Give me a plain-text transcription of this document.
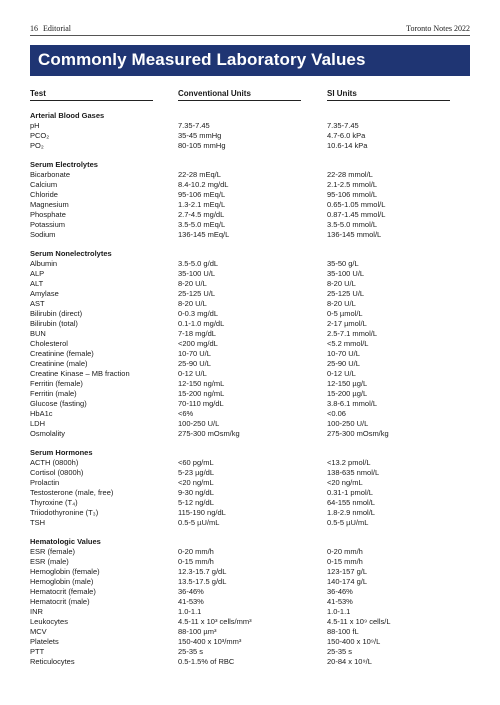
16 Editorial	Toronto Notes 2022
Commonly Measured Laboratory Values
Test	Conventional Units	SI Units
Arterial Blood Gases
pH	7.35-7.45	7.35-7.45
PCO₂	35-45 mmHg	4.7-6.0 kPa
PO₂	80-105 mmHg	10.6-14 kPa
Serum Electrolytes
Bicarbonate	22-28 mEq/L	22-28 mmol/L
Calcium	8.4-10.2 mg/dL	2.1-2.5 mmol/L
Chloride	95-106 mEq/L	95-106 mmol/L
Magnesium	1.3-2.1 mEq/L	0.65-1.05 mmol/L
Phosphate	2.7-4.5 mg/dL	0.87-1.45 mmol/L
Potassium	3.5-5.0 mEq/L	3.5-5.0 mmol/L
Sodium	136-145 mEq/L	136-145 mmol/L
Serum Nonelectrolytes
Albumin	3.5-5.0 g/dL	35-50 g/L
ALP	35-100 U/L	35-100 U/L
ALT	8-20 U/L	8-20 U/L
Amylase	25-125 U/L	25-125 U/L
AST	8-20 U/L	8-20 U/L
Bilirubin (direct)	0-0.3 mg/dL	0-5 µmol/L
Bilirubin (total)	0.1-1.0 mg/dL	2-17 µmol/L
BUN	7-18 mg/dL	2.5-7.1 mmol/L
Cholesterol	<200 mg/dL	<5.2 mmol/L
Creatinine (female)	10-70 U/L	10-70 U/L
Creatinine (male)	25-90 U/L	25-90 U/L
Creatine Kinase – MB fraction	0-12 U/L	0-12 U/L
Ferritin (female)	12-150 ng/mL	12-150 µg/L
Ferritin (male)	15-200 ng/mL	15-200 µg/L
Glucose (fasting)	70-110 mg/dL	3.8-6.1 mmol/L
HbA1c	<6%	<0.06
LDH	100-250 U/L	100-250 U/L
Osmolality	275-300 mOsm/kg	275-300 mOsm/kg
Serum Hormones
ACTH (0800h)	<60 pg/mL	<13.2 pmol/L
Cortisol (0800h)	5-23 µg/dL	138-635 nmol/L
Prolactin	<20 ng/mL	<20 ng/mL
Testosterone (male, free)	9-30 ng/dL	0.31-1 pmol/L
Thyroxine (T₄)	5-12 ng/dL	64-155 nmol/L
Triiodothyronine (T₃)	115-190 ng/dL	1.8-2.9 nmol/L
TSH	0.5-5 µU/mL	0.5-5 µU/mL
Hematologic Values
ESR (female)	0-20 mm/h	0-20 mm/h
ESR (male)	0-15 mm/h	0-15 mm/h
Hemoglobin (female)	12.3-15.7 g/dL	123-157 g/L
Hemoglobin (male)	13.5-17.5 g/dL	140-174 g/L
Hematocrit (female)	36-46%	36-46%
Hematocrit (male)	41-53%	41-53%
INR	1.0-1.1	1.0-1.1
Leukocytes	4.5-11 x 10³ cells/mm³	4.5-11 x 10⁹ cells/L
MCV	88-100 µm³	88-100 fL
Platelets	150-400 x 10³/mm³	150-400 x 10⁹/L
PTT	25-35 s	25-35 s
Reticulocytes	0.5-1.5% of RBC	20-84 x 10⁹/L
